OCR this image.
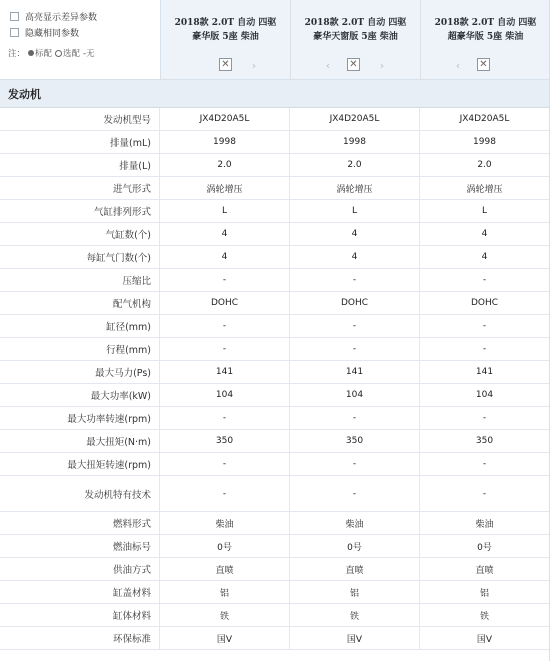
高亮显示差异参数
隐藏相同参数
注： 标配 选配 -无
2018款 2.0T 自动 四驱
豪华版 5座 柴油
✕ ›
2018款 2.0T 自动 四驱
豪华天窗版 5座 柴油
‹ ✕ ›
2018款 2.0T 自动 四驱
超豪华版 5座 柴油
‹ ✕
发动机
发动机型号	JX4D20A5L	JX4D20A5L	JX4D20A5L
排量(mL)	1998	1998	1998
排量(L)	2.0	2.0	2.0
进气形式	涡轮增压	涡轮增压	涡轮增压
气缸排列形式	L	L	L
气缸数(个)	4	4	4
每缸气门数(个)	4	4	4
压缩比	-	-	-
配气机构	DOHC	DOHC	DOHC
缸径(mm)	-	-	-
行程(mm)	-	-	-
最大马力(Ps)	141	141	141
最大功率(kW)	104	104	104
最大功率转速(rpm)	-	-	-
最大扭矩(N·m)	350	350	350
最大扭矩转速(rpm)	-	-	-
发动机特有技术	-	-	-
燃料形式	柴油	柴油	柴油
燃油标号	0号	0号	0号
供油方式	直喷	直喷	直喷
缸盖材料	铝	铝	铝
缸体材料	铁	铁	铁
环保标准	国V	国V	国V
